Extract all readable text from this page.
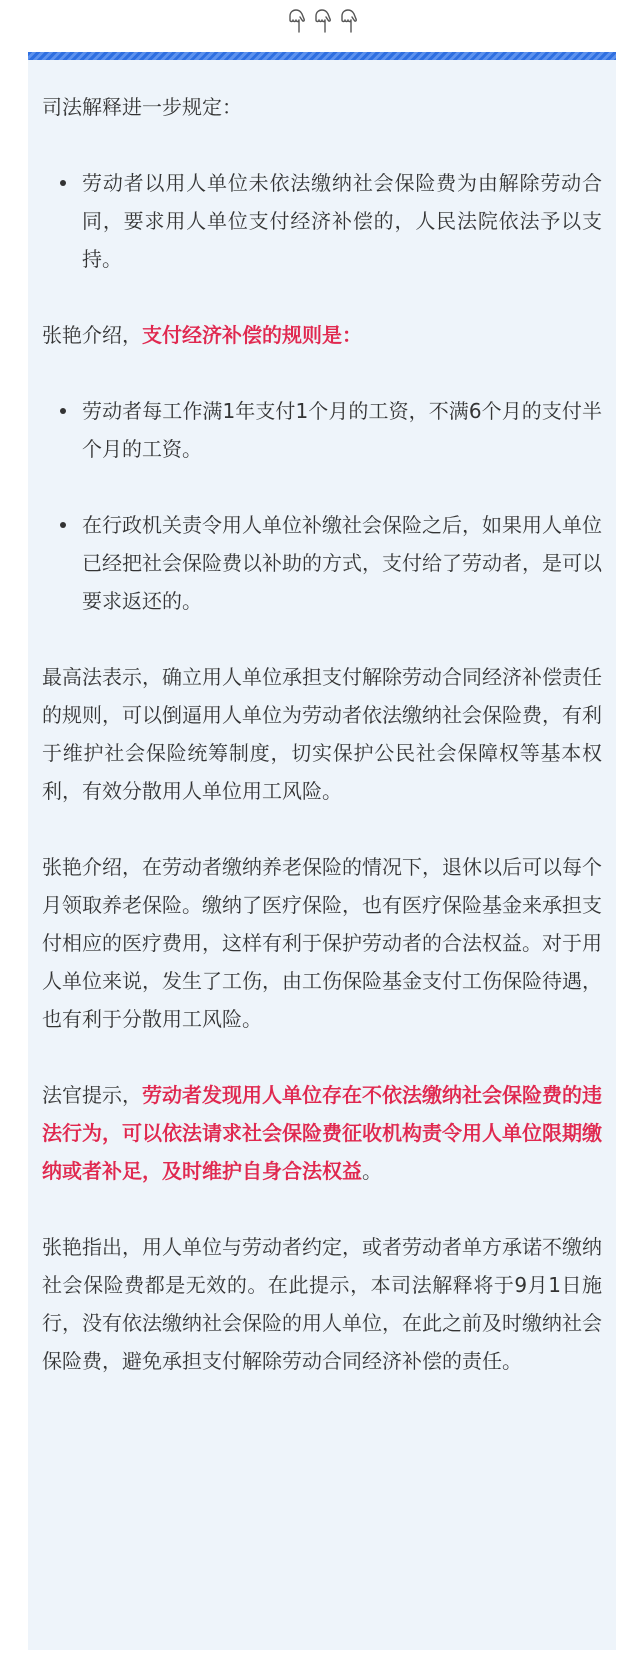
司法解释进一步规定：

劳动者以用人单位未依法缴纳社会保险费为由解除劳动合同，要求用人单位支付经济补偿的，人民法院依法予以支持。

张艳介绍，支付经济补偿的规则是：

劳动者每工作满1年支付1个月的工资，不满6个月的支付半个月的工资。
在行政机关责令用人单位补缴社会保险之后，如果用人单位已经把社会保险费以补助的方式，支付给了劳动者，是可以要求返还的。

最高法表示，确立用人单位承担支付解除劳动合同经济补偿责任的规则，可以倒逼用人单位为劳动者依法缴纳社会保险费，有利于维护社会保险统筹制度，切实保护公民社会保障权等基本权利，有效分散用人单位用工风险。

张艳介绍，在劳动者缴纳养老保险的情况下，退休以后可以每个月领取养老保险。缴纳了医疗保险，也有医疗保险基金来承担支付相应的医疗费用，这样有利于保护劳动者的合法权益。对于用人单位来说，发生了工伤，由工伤保险基金支付工伤保险待遇，也有利于分散用工风险。

法官提示，劳动者发现用人单位存在不依法缴纳社会保险费的违法行为，可以依法请求社会保险费征收机构责令用人单位限期缴纳或者补足，及时维护自身合法权益。

张艳指出，用人单位与劳动者约定，或者劳动者单方承诺不缴纳社会保险费都是无效的。在此提示，本司法解释将于9月1日施行，没有依法缴纳社会保险的用人单位，在此之前及时缴纳社会保险费，避免承担支付解除劳动合同经济补偿的责任。
